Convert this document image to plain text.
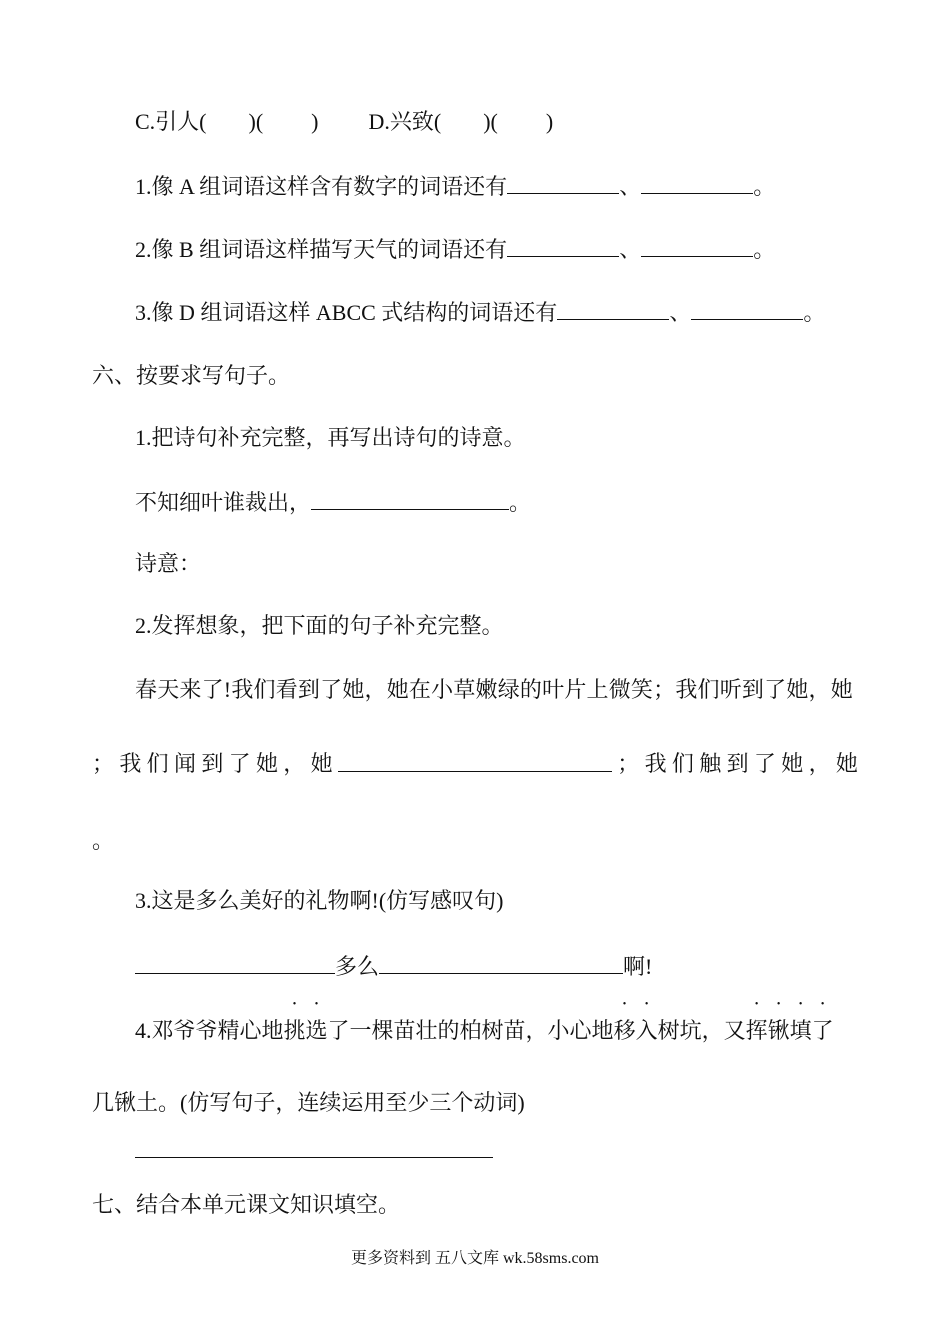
C.引人( )( ) D.兴致( )( )
1.像 A 组词语这样含有数字的词语还有	、	。
2.像 B 组词语这样描写天气的词语还有	、	。
3.像 D 组词语这样 ABCC 式结构的词语还有	、	。
六、按要求写句子。
1.把诗句补充完整，再写出诗句的诗意。
不知细叶谁裁出，	。
诗意：
2.发挥想象，把下面的句子补充完整。
春天来了!我们看到了她，她在小草嫩绿的叶片上微笑；我们听到了她，她
； 我 们 闻 到 了 她 ， 她	； 我 们 触 到 了 她 ， 她
。
3.这是多么美好的礼物啊!(仿写感叹句)
多么	啊!
4.邓爷爷精心地挑选了一棵苗壮的柏树苗，小心地移入树坑，又挥锹填了
几锹土。(仿写句子，连续运用至少三个动词)
七、结合本单元课文知识填空。
更多资料到 五八文库 wk.58sms.com
